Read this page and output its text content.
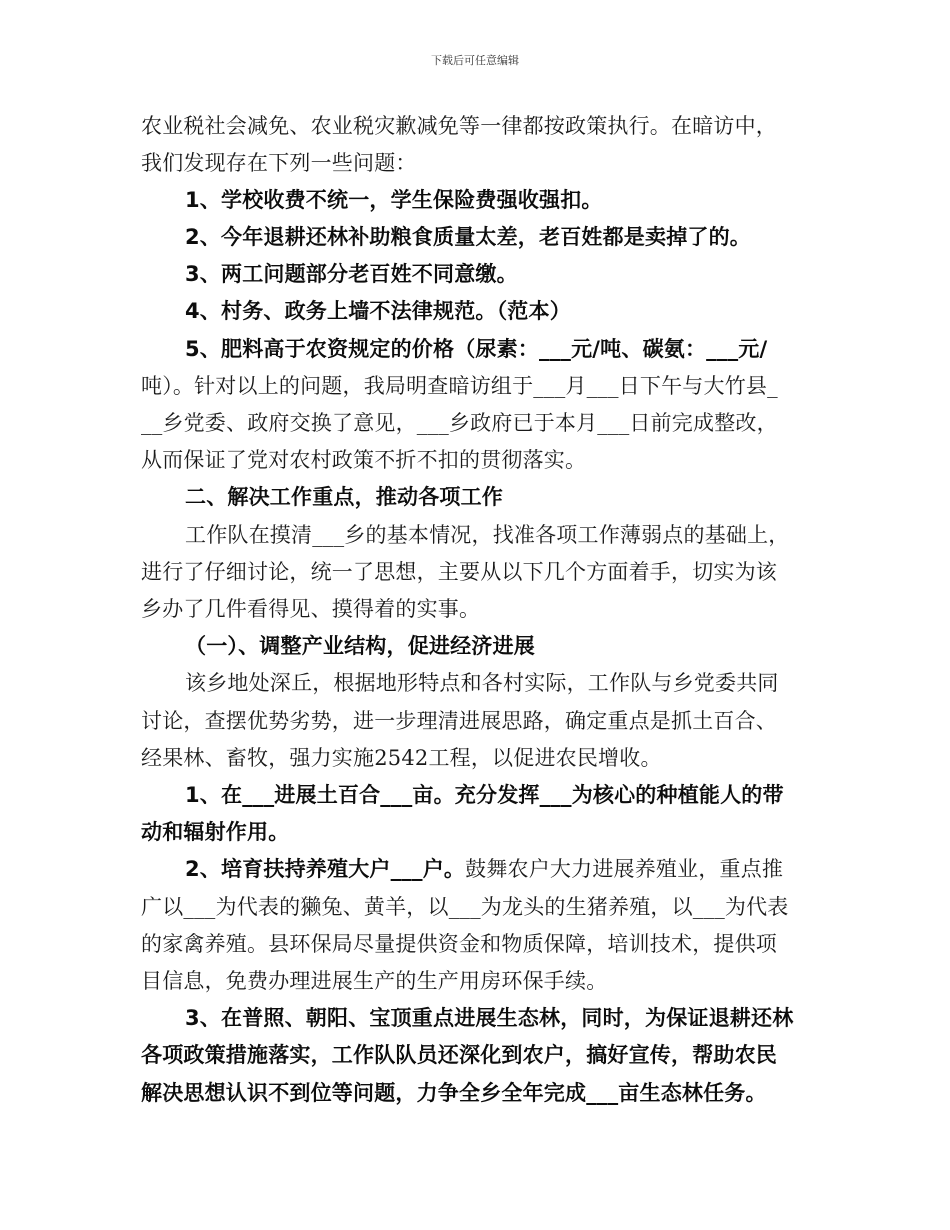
下载后可任意编辑
农业税社会减免、农业税灾歉减免等一律都按政策执行。在暗访中，
我们发现存在下列一些问题：
1、学校收费不统一，学生保险费强收强扣。
2、今年退耕还林补助粮食质量太差，老百姓都是卖掉了的。
3、两工问题部分老百姓不同意缴。
4、村务、政务上墙不法律规范。（范本）
5、肥料高于农资规定的价格（尿素：___元/吨、碳氨：___元/
吨）。针对以上的问题，我局明查暗访组于___月___日下午与大竹县_
__乡党委、政府交换了意见，___乡政府已于本月___日前完成整改，
从而保证了党对农村政策不折不扣的贯彻落实。
二、解决工作重点，推动各项工作
工作队在摸清___乡的基本情况，找准各项工作薄弱点的基础上，
进行了仔细讨论，统一了思想，主要从以下几个方面着手，切实为该
乡办了几件看得见、摸得着的实事。
（一）、调整产业结构，促进经济进展
该乡地处深丘，根据地形特点和各村实际，工作队与乡党委共同
讨论，查摆优势劣势，进一步理清进展思路，确定重点是抓土百合、
经果林、畜牧，强力实施2542工程，以促进农民增收。
1、在___进展土百合___亩。充分发挥___为核心的种植能人的带
动和辐射作用。
2、培育扶持养殖大户___户。鼓舞农户大力进展养殖业，重点推
广以___为代表的獭兔、黄羊，以___为龙头的生猪养殖，以___为代表
的家禽养殖。县环保局尽量提供资金和物质保障，培训技术，提供项
目信息，免费办理进展生产的生产用房环保手续。
3、在普照、朝阳、宝顶重点进展生态林，同时，为保证退耕还林
各项政策措施落实，工作队队员还深化到农户，搞好宣传，帮助农民
解决思想认识不到位等问题，力争全乡全年完成___亩生态林任务。
